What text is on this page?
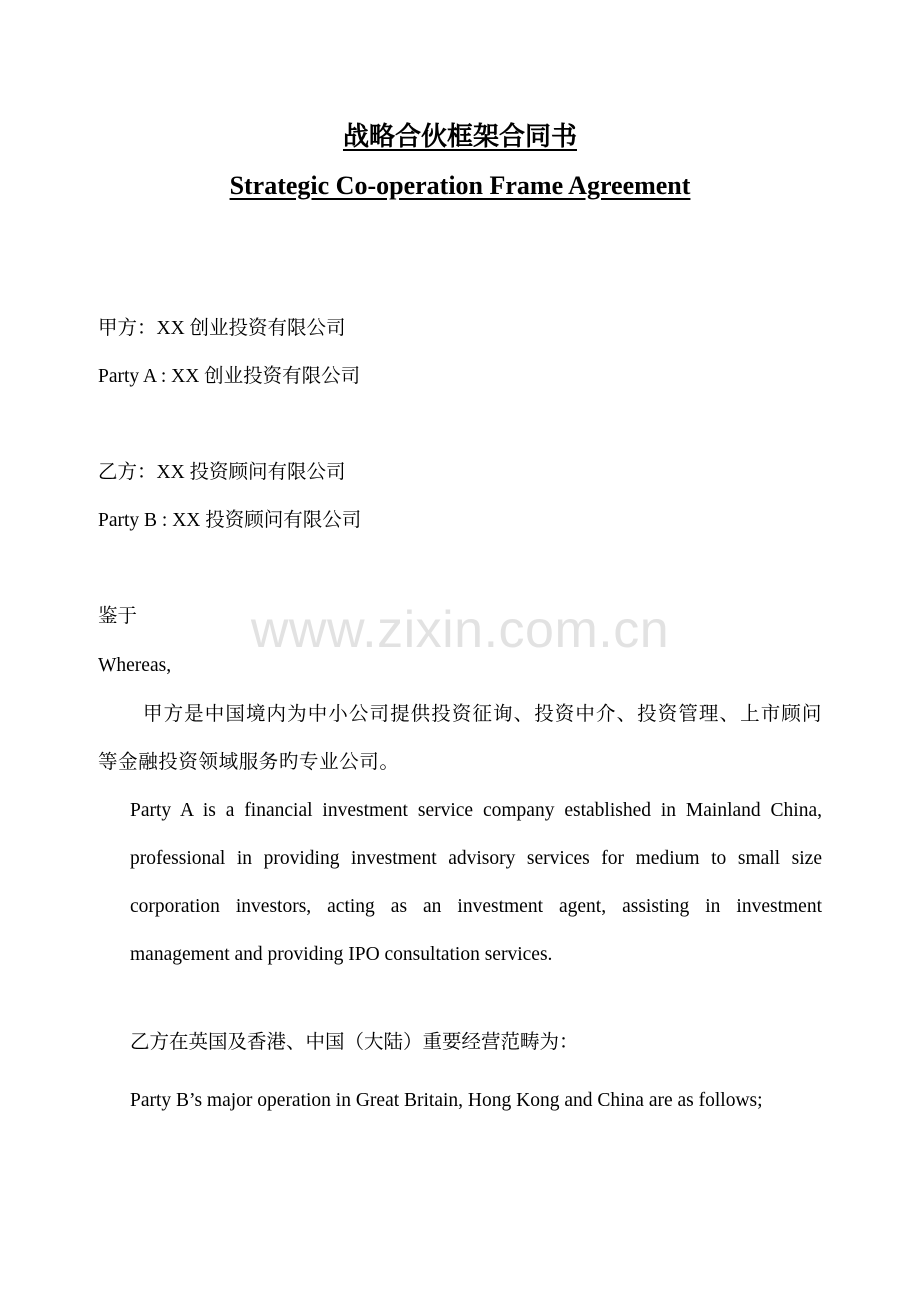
www.zixin.com.cn
战略合伙框架合同书
Strategic Co-operation Frame Agreement
甲方：XX 创业投资有限公司
Party A : XX 创业投资有限公司
乙方：XX 投资顾问有限公司
Party B : XX 投资顾问有限公司
鉴于
Whereas,
甲方是中国境内为中小公司提供投资征询、投资中介、投资管理、上市顾问等金融投资领域服务旳专业公司。
Party A is a financial investment service company established in Mainland China, professional in providing investment advisory services for medium to small size corporation investors, acting as an investment agent, assisting in investment management and providing IPO consultation services.
乙方在英国及香港、中国（大陆）重要经营范畴为：
Party B’s major operation in Great Britain, Hong Kong and China are as follows;
